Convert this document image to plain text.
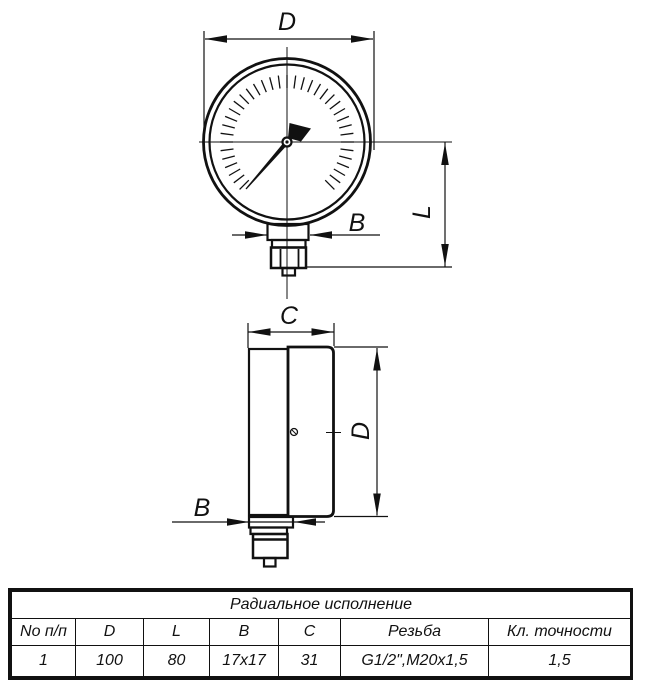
D
B L
C
D
B
Радиальное исполнение						
No п/п	D	L	B	C	Резьба	Кл. точности
1	100	80	17x17	31	G1/2",M20x1,5	1,5
